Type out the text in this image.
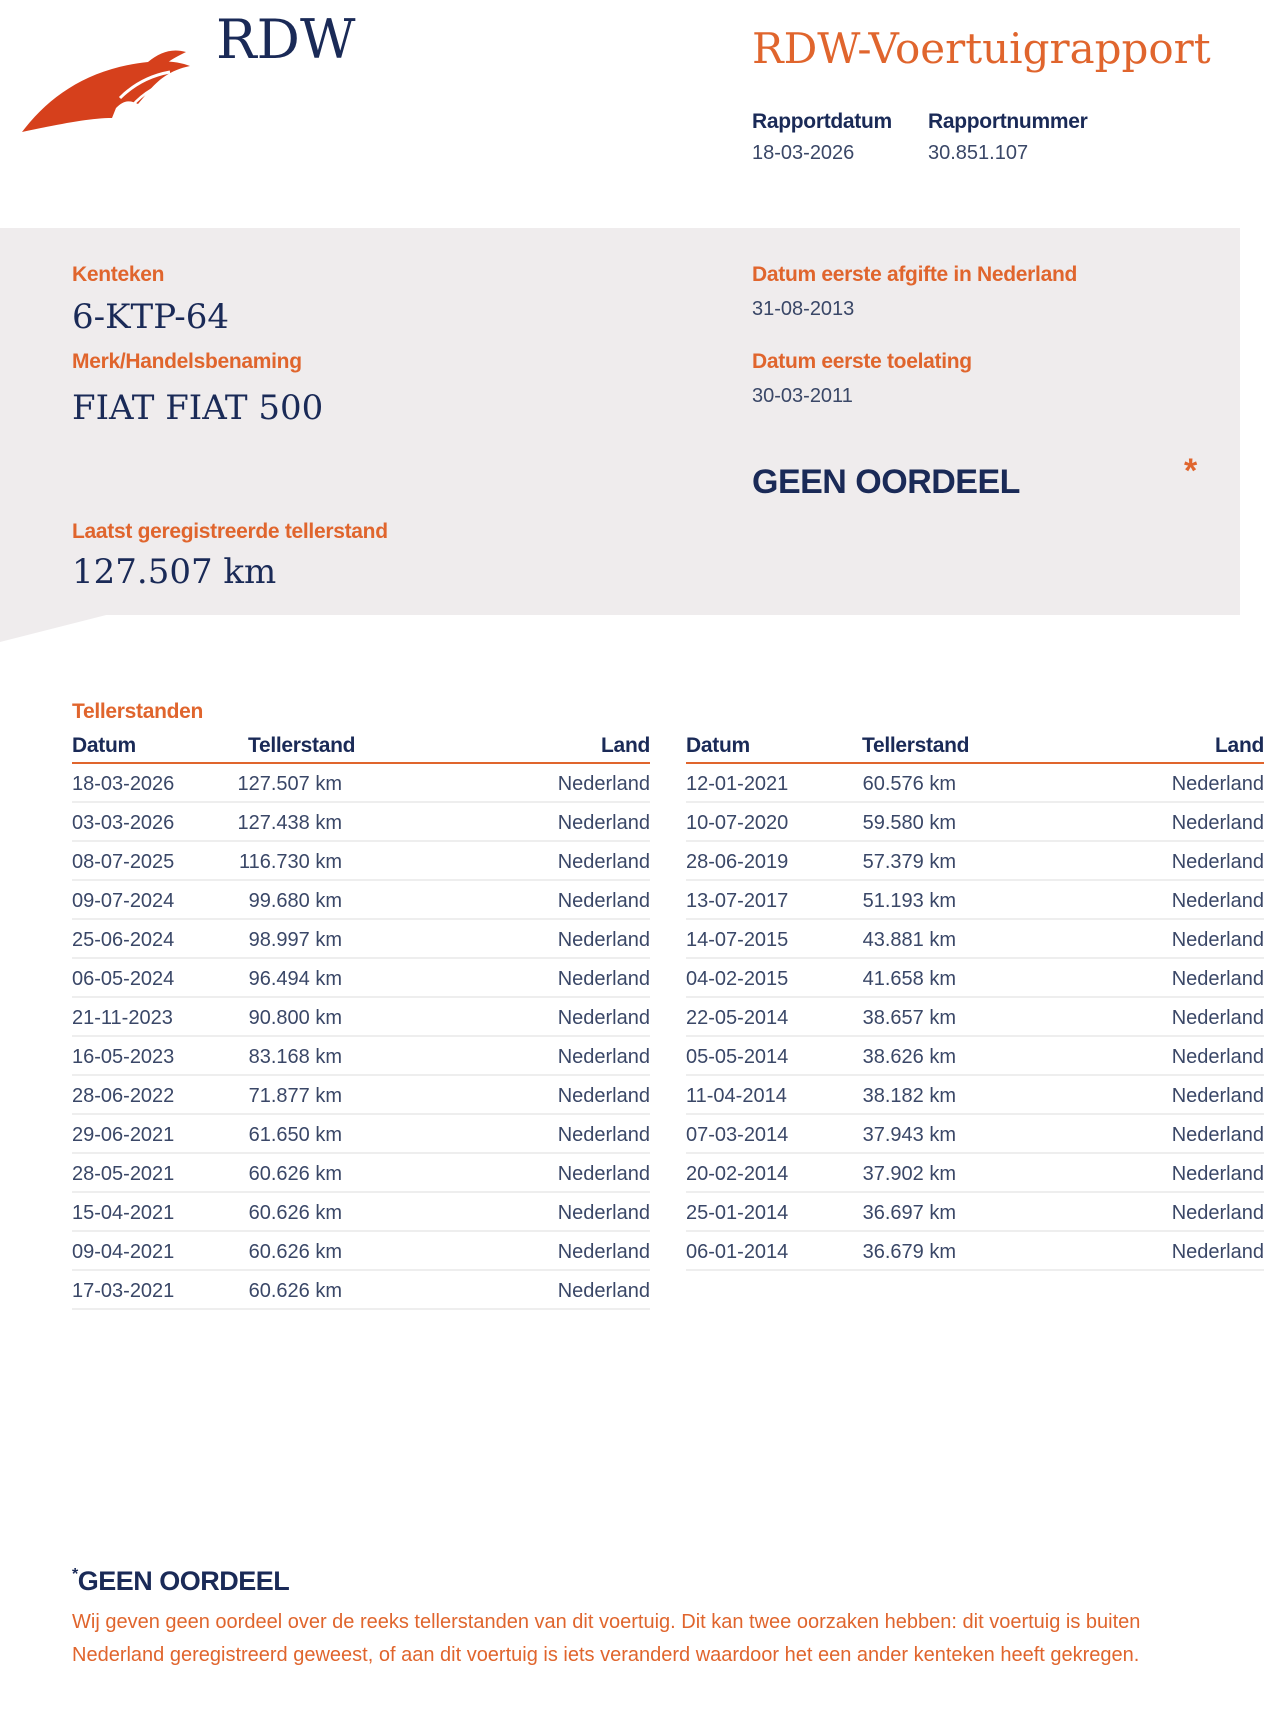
RDW	RDW-Voertuigrapport
Rapportdatum
18-03-2026
Rapportnummer
30.851.107
Kenteken
6-KTP-64
Merk/Handelsbenaming
FIAT FIAT 500
Datum eerste afgifte in Nederland
31-08-2013
Datum eerste toelating
30-03-2011
GEEN OORDEEL	*
Laatst geregistreerde tellerstand
127.507 km
Tellerstanden
Datum	Tellerstand	Land
18-03-2026	127.507 km	Nederland
03-03-2026	127.438 km	Nederland
08-07-2025	116.730 km	Nederland
09-07-2024	99.680 km	Nederland
25-06-2024	98.997 km	Nederland
06-05-2024	96.494 km	Nederland
21-11-2023	90.800 km	Nederland
16-05-2023	83.168 km	Nederland
28-06-2022	71.877 km	Nederland
29-06-2021	61.650 km	Nederland
28-05-2021	60.626 km	Nederland
15-04-2021	60.626 km	Nederland
09-04-2021	60.626 km	Nederland
17-03-2021	60.626 km	Nederland
Datum	Tellerstand	Land
12-01-2021	60.576 km	Nederland
10-07-2020	59.580 km	Nederland
28-06-2019	57.379 km	Nederland
13-07-2017	51.193 km	Nederland
14-07-2015	43.881 km	Nederland
04-02-2015	41.658 km	Nederland
22-05-2014	38.657 km	Nederland
05-05-2014	38.626 km	Nederland
11-04-2014	38.182 km	Nederland
07-03-2014	37.943 km	Nederland
20-02-2014	37.902 km	Nederland
25-01-2014	36.697 km	Nederland
06-01-2014	36.679 km	Nederland
*GEEN OORDEEL
Wij geven geen oordeel over de reeks tellerstanden van dit voertuig. Dit kan twee oorzaken hebben: dit voertuig is buiten Nederland geregistreerd geweest, of aan dit voertuig is iets veranderd waardoor het een ander kenteken heeft gekregen.
